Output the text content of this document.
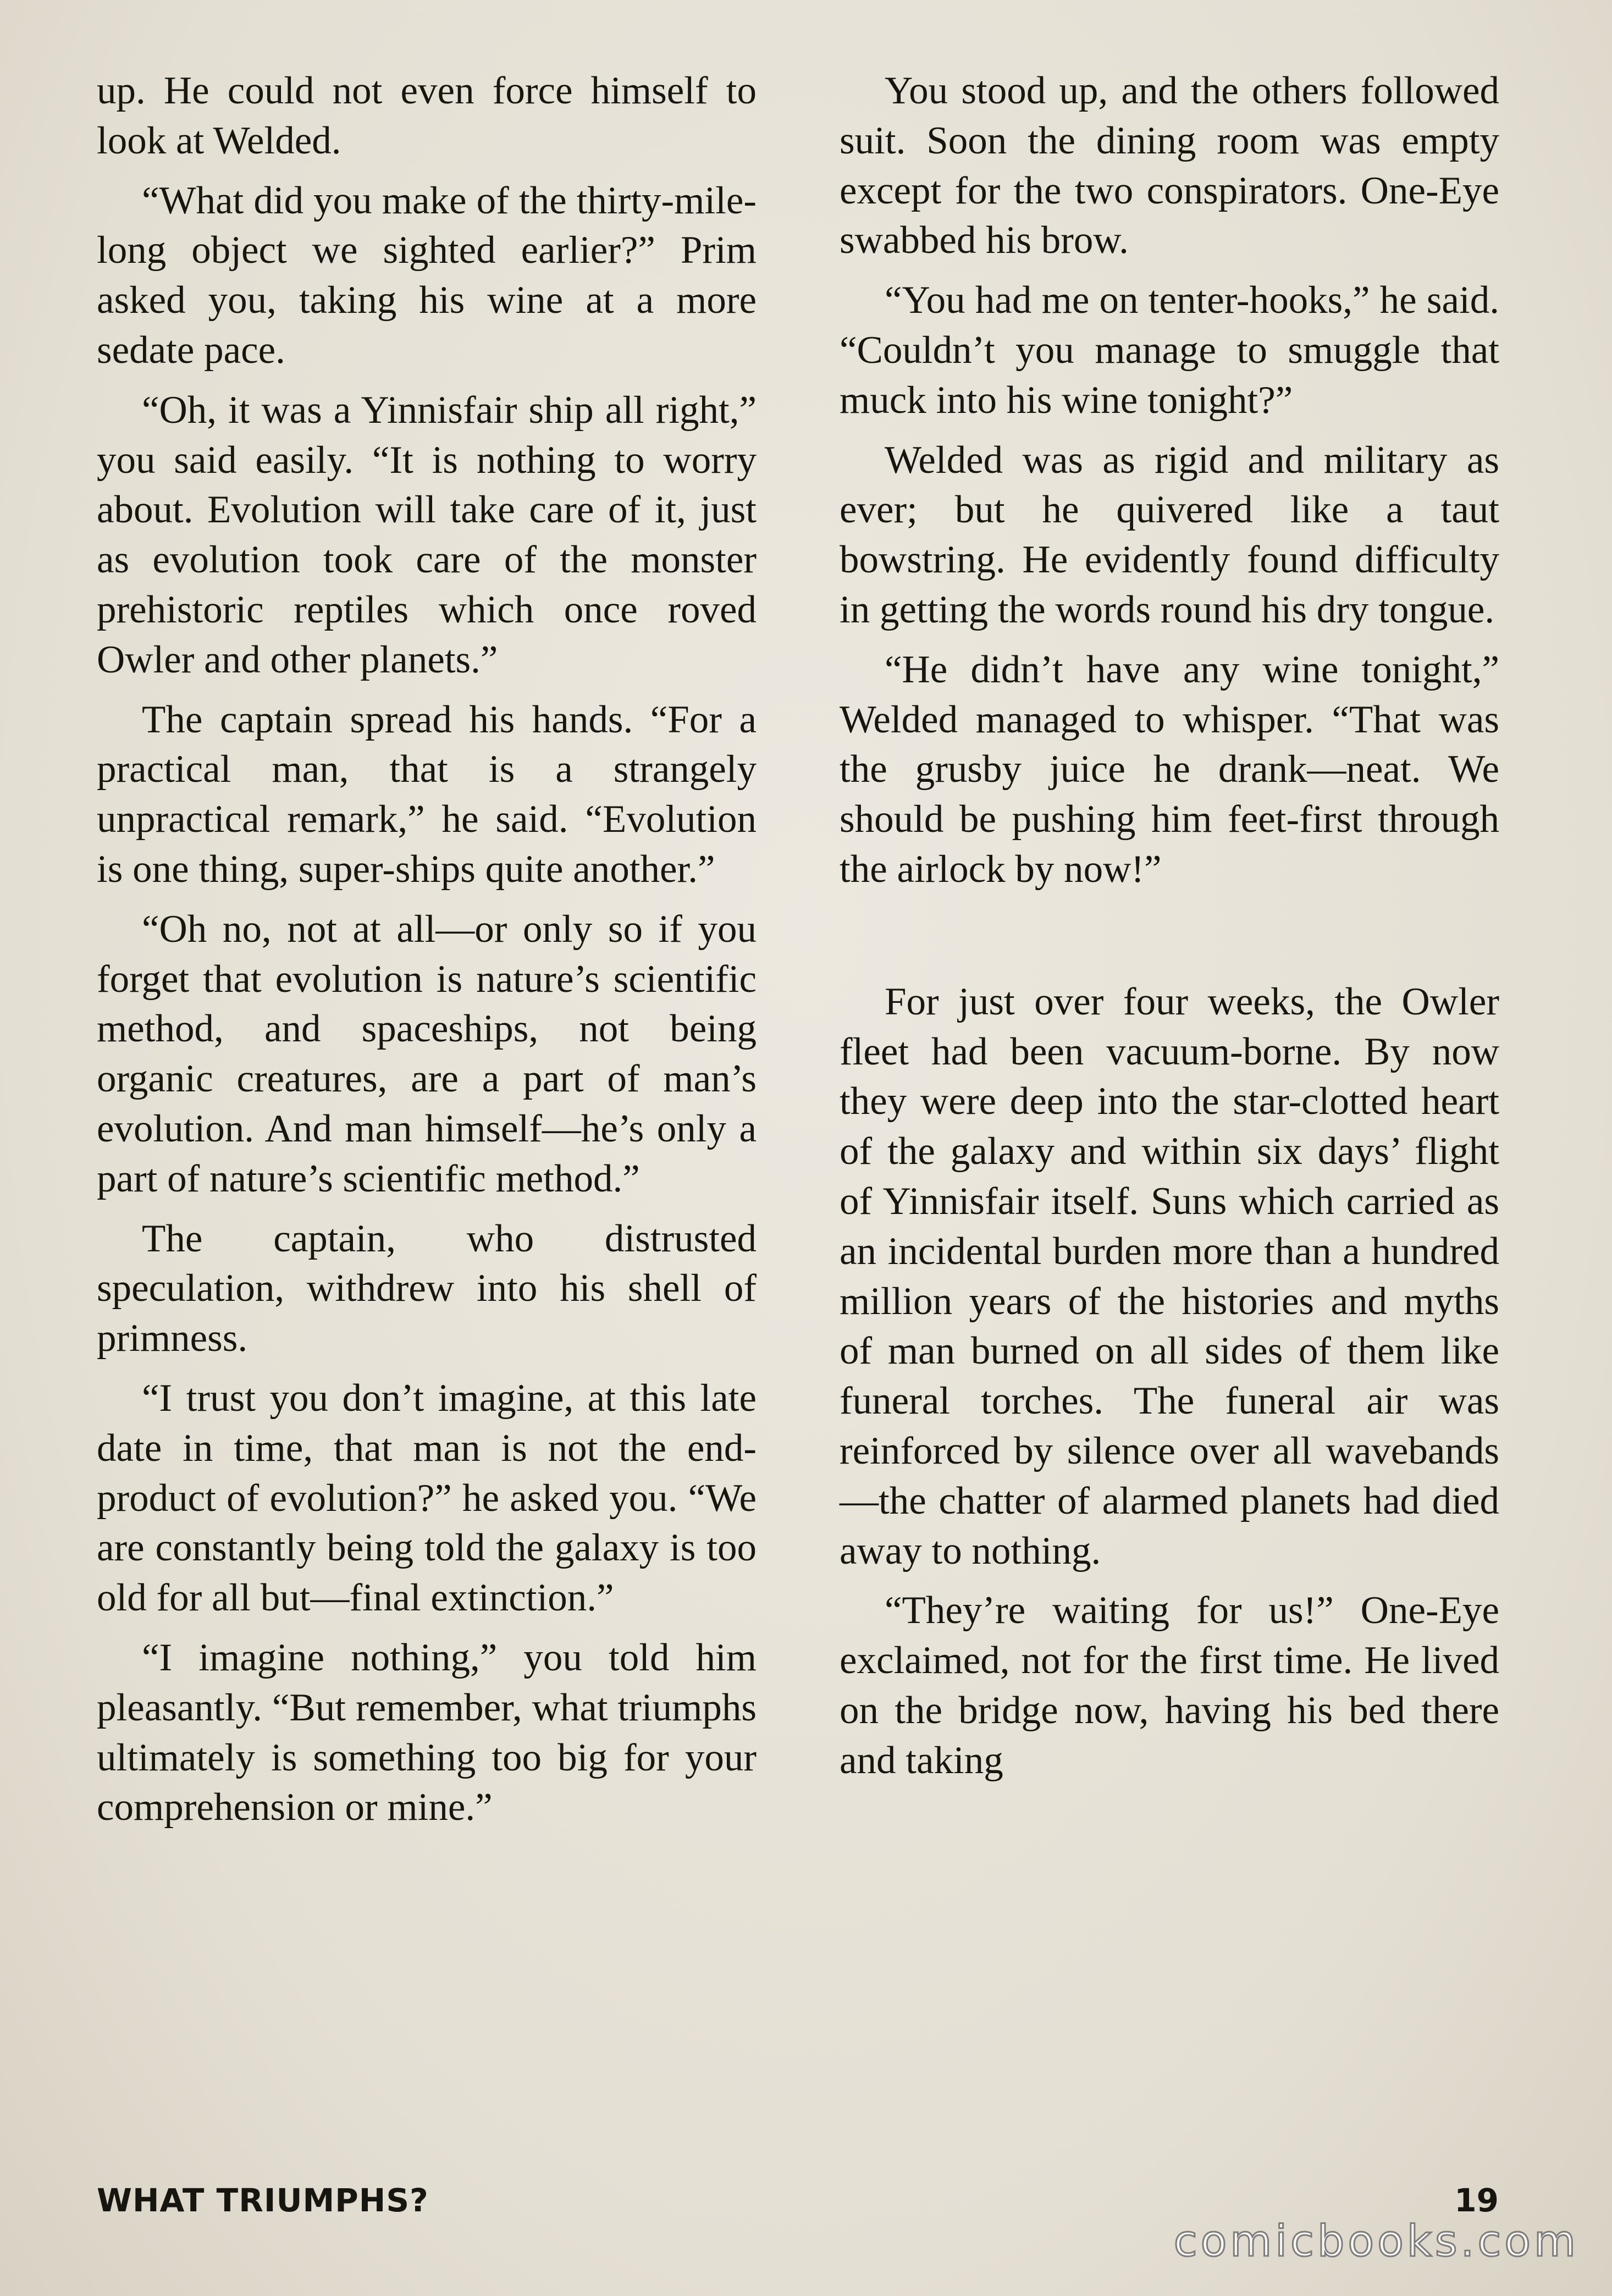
up. He could not even force himself to look at Welded.

“What did you make of the thirty-mile-long object we sighted earlier?” Prim asked you, taking his wine at a more sedate pace.

“Oh, it was a Yinnisfair ship all right,” you said easily. “It is nothing to worry about. Evolution will take care of it, just as evolution took care of the monster prehistoric reptiles which once roved Owler and other planets.”

The captain spread his hands. “For a practical man, that is a strangely unpractical remark,” he said. “Evolution is one thing, super-ships quite another.”

“Oh no, not at all—or only so if you forget that evolution is nature’s scientific method, and spaceships, not being organic creatures, are a part of man’s evolution. And man himself—he’s only a part of nature’s scientific method.”

The captain, who distrusted speculation, withdrew into his shell of primness.

“I trust you don’t imagine, at this late date in time, that man is not the end-product of evolution?” he asked you. “We are constantly being told the galaxy is too old for all but—final extinction.”

“I imagine nothing,” you told him pleasantly. “But remember, what triumphs ultimately is something too big for your comprehension or mine.”

You stood up, and the others followed suit. Soon the dining room was empty except for the two conspirators. One-Eye swabbed his brow.

“You had me on tenter-hooks,” he said. “Couldn’t you manage to smuggle that muck into his wine tonight?”

Welded was as rigid and military as ever; but he quivered like a taut bowstring. He evidently found difficulty in getting the words round his dry tongue.

“He didn’t have any wine tonight,” Welded managed to whisper. “That was the grusby juice he drank—neat. We should be pushing him feet-first through the airlock by now!”

For just over four weeks, the Owler fleet had been vacuum-borne. By now they were deep into the star-clotted heart of the galaxy and within six days’ flight of Yinnisfair itself. Suns which carried as an incidental burden more than a hundred million years of the histories and myths of man burned on all sides of them like funeral torches. The funeral air was reinforced by silence over all wavebands—the chatter of alarmed planets had died away to nothing.

“They’re waiting for us!” One-Eye exclaimed, not for the first time. He lived on the bridge now, having his bed there and taking

WHAT TRIUMPHS?	19
comicbooks.com
